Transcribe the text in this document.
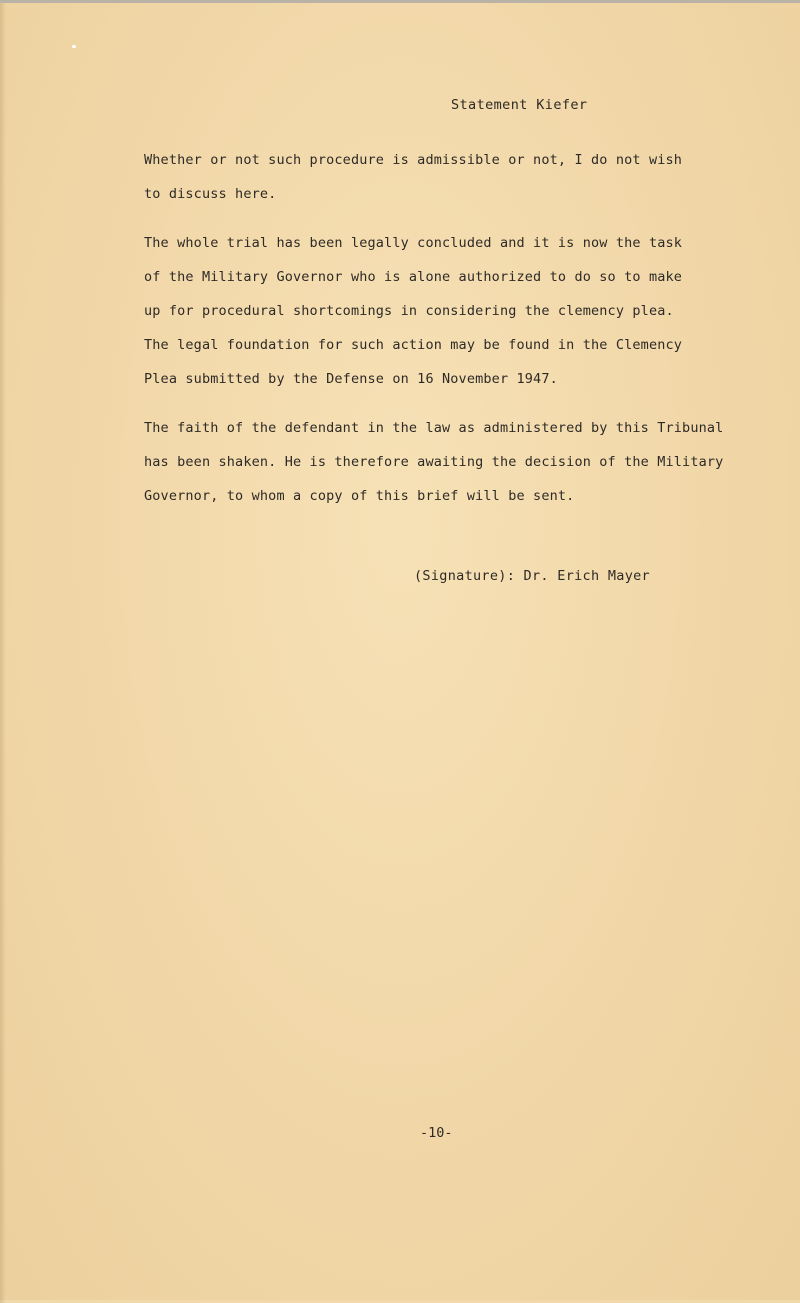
Statement Kiefer
Whether or not such procedure is admissible or not, I do not wish
to discuss here.
The whole trial has been legally concluded and it is now the task
of the Military Governor who is alone authorized to do so to make
up for procedural shortcomings in considering the clemency plea.
The legal foundation for such action may be found in the Clemency
Plea submitted by the Defense on 16 November 1947.
The faith of the defendant in the law as administered by this Tribunal
has been shaken. He is therefore awaiting the decision of the Military
Governor, to whom a copy of this brief will be sent.
(Signature): Dr. Erich Mayer
-10-
